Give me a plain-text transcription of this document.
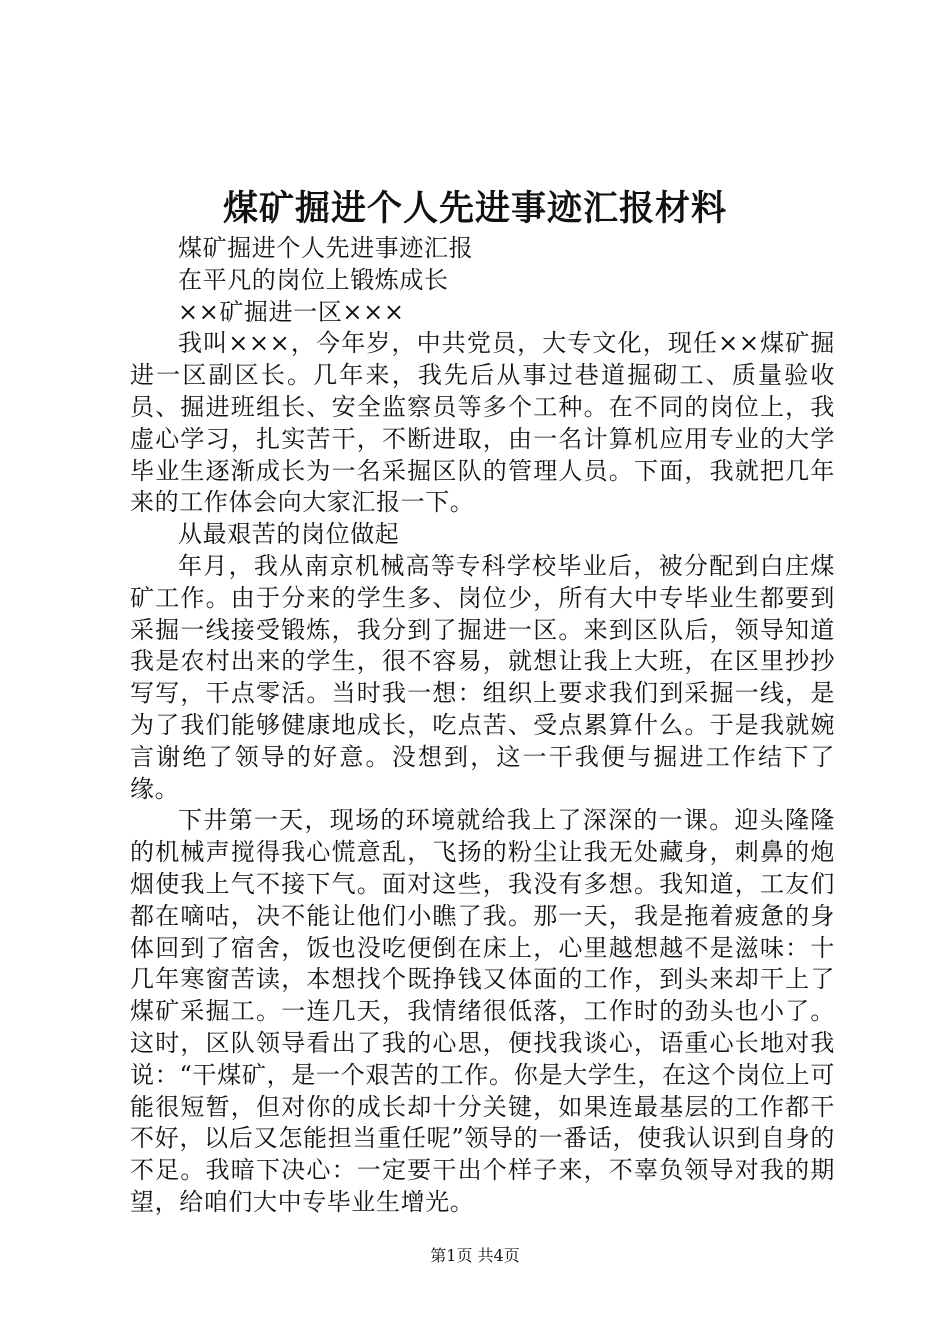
煤矿掘进个人先进事迹汇报材料

煤矿掘进个人先进事迹汇报

在平凡的岗位上锻炼成长

××矿掘进一区×××

我叫×××，今年岁，中共党员，大专文化，现任××煤矿掘进一区副区长。几年来，我先后从事过巷道掘砌工、质量验收员、掘进班组长、安全监察员等多个工种。在不同的岗位上，我虚心学习，扎实苦干，不断进取，由一名计算机应用专业的大学毕业生逐渐成长为一名采掘区队的管理人员。下面，我就把几年来的工作体会向大家汇报一下。

从最艰苦的岗位做起

年月，我从南京机械高等专科学校毕业后，被分配到白庄煤矿工作。由于分来的学生多、岗位少，所有大中专毕业生都要到采掘一线接受锻炼，我分到了掘进一区。来到区队后，领导知道我是农村出来的学生，很不容易，就想让我上大班，在区里抄抄写写，干点零活。当时我一想：组织上要求我们到采掘一线，是为了我们能够健康地成长，吃点苦、受点累算什么。于是我就婉言谢绝了领导的好意。没想到，这一干我便与掘进工作结下了缘。

下井第一天，现场的环境就给我上了深深的一课。迎头隆隆的机械声搅得我心慌意乱，飞扬的粉尘让我无处藏身，刺鼻的炮烟使我上气不接下气。面对这些，我没有多想。我知道，工友们都在嘀咕，决不能让他们小瞧了我。那一天，我是拖着疲惫的身体回到了宿舍，饭也没吃便倒在床上，心里越想越不是滋味：十几年寒窗苦读，本想找个既挣钱又体面的工作，到头来却干上了煤矿采掘工。一连几天，我情绪很低落，工作时的劲头也小了。这时，区队领导看出了我的心思，便找我谈心，语重心长地对我说：“干煤矿，是一个艰苦的工作。你是大学生，在这个岗位上可能很短暂，但对你的成长却十分关键，如果连最基层的工作都干不好，以后又怎能担当重任呢”领导的一番话，使我认识到自身的不足。我暗下决心：一定要干出个样子来，不辜负领导对我的期望，给咱们大中专毕业生增光。

第1页 共4页
